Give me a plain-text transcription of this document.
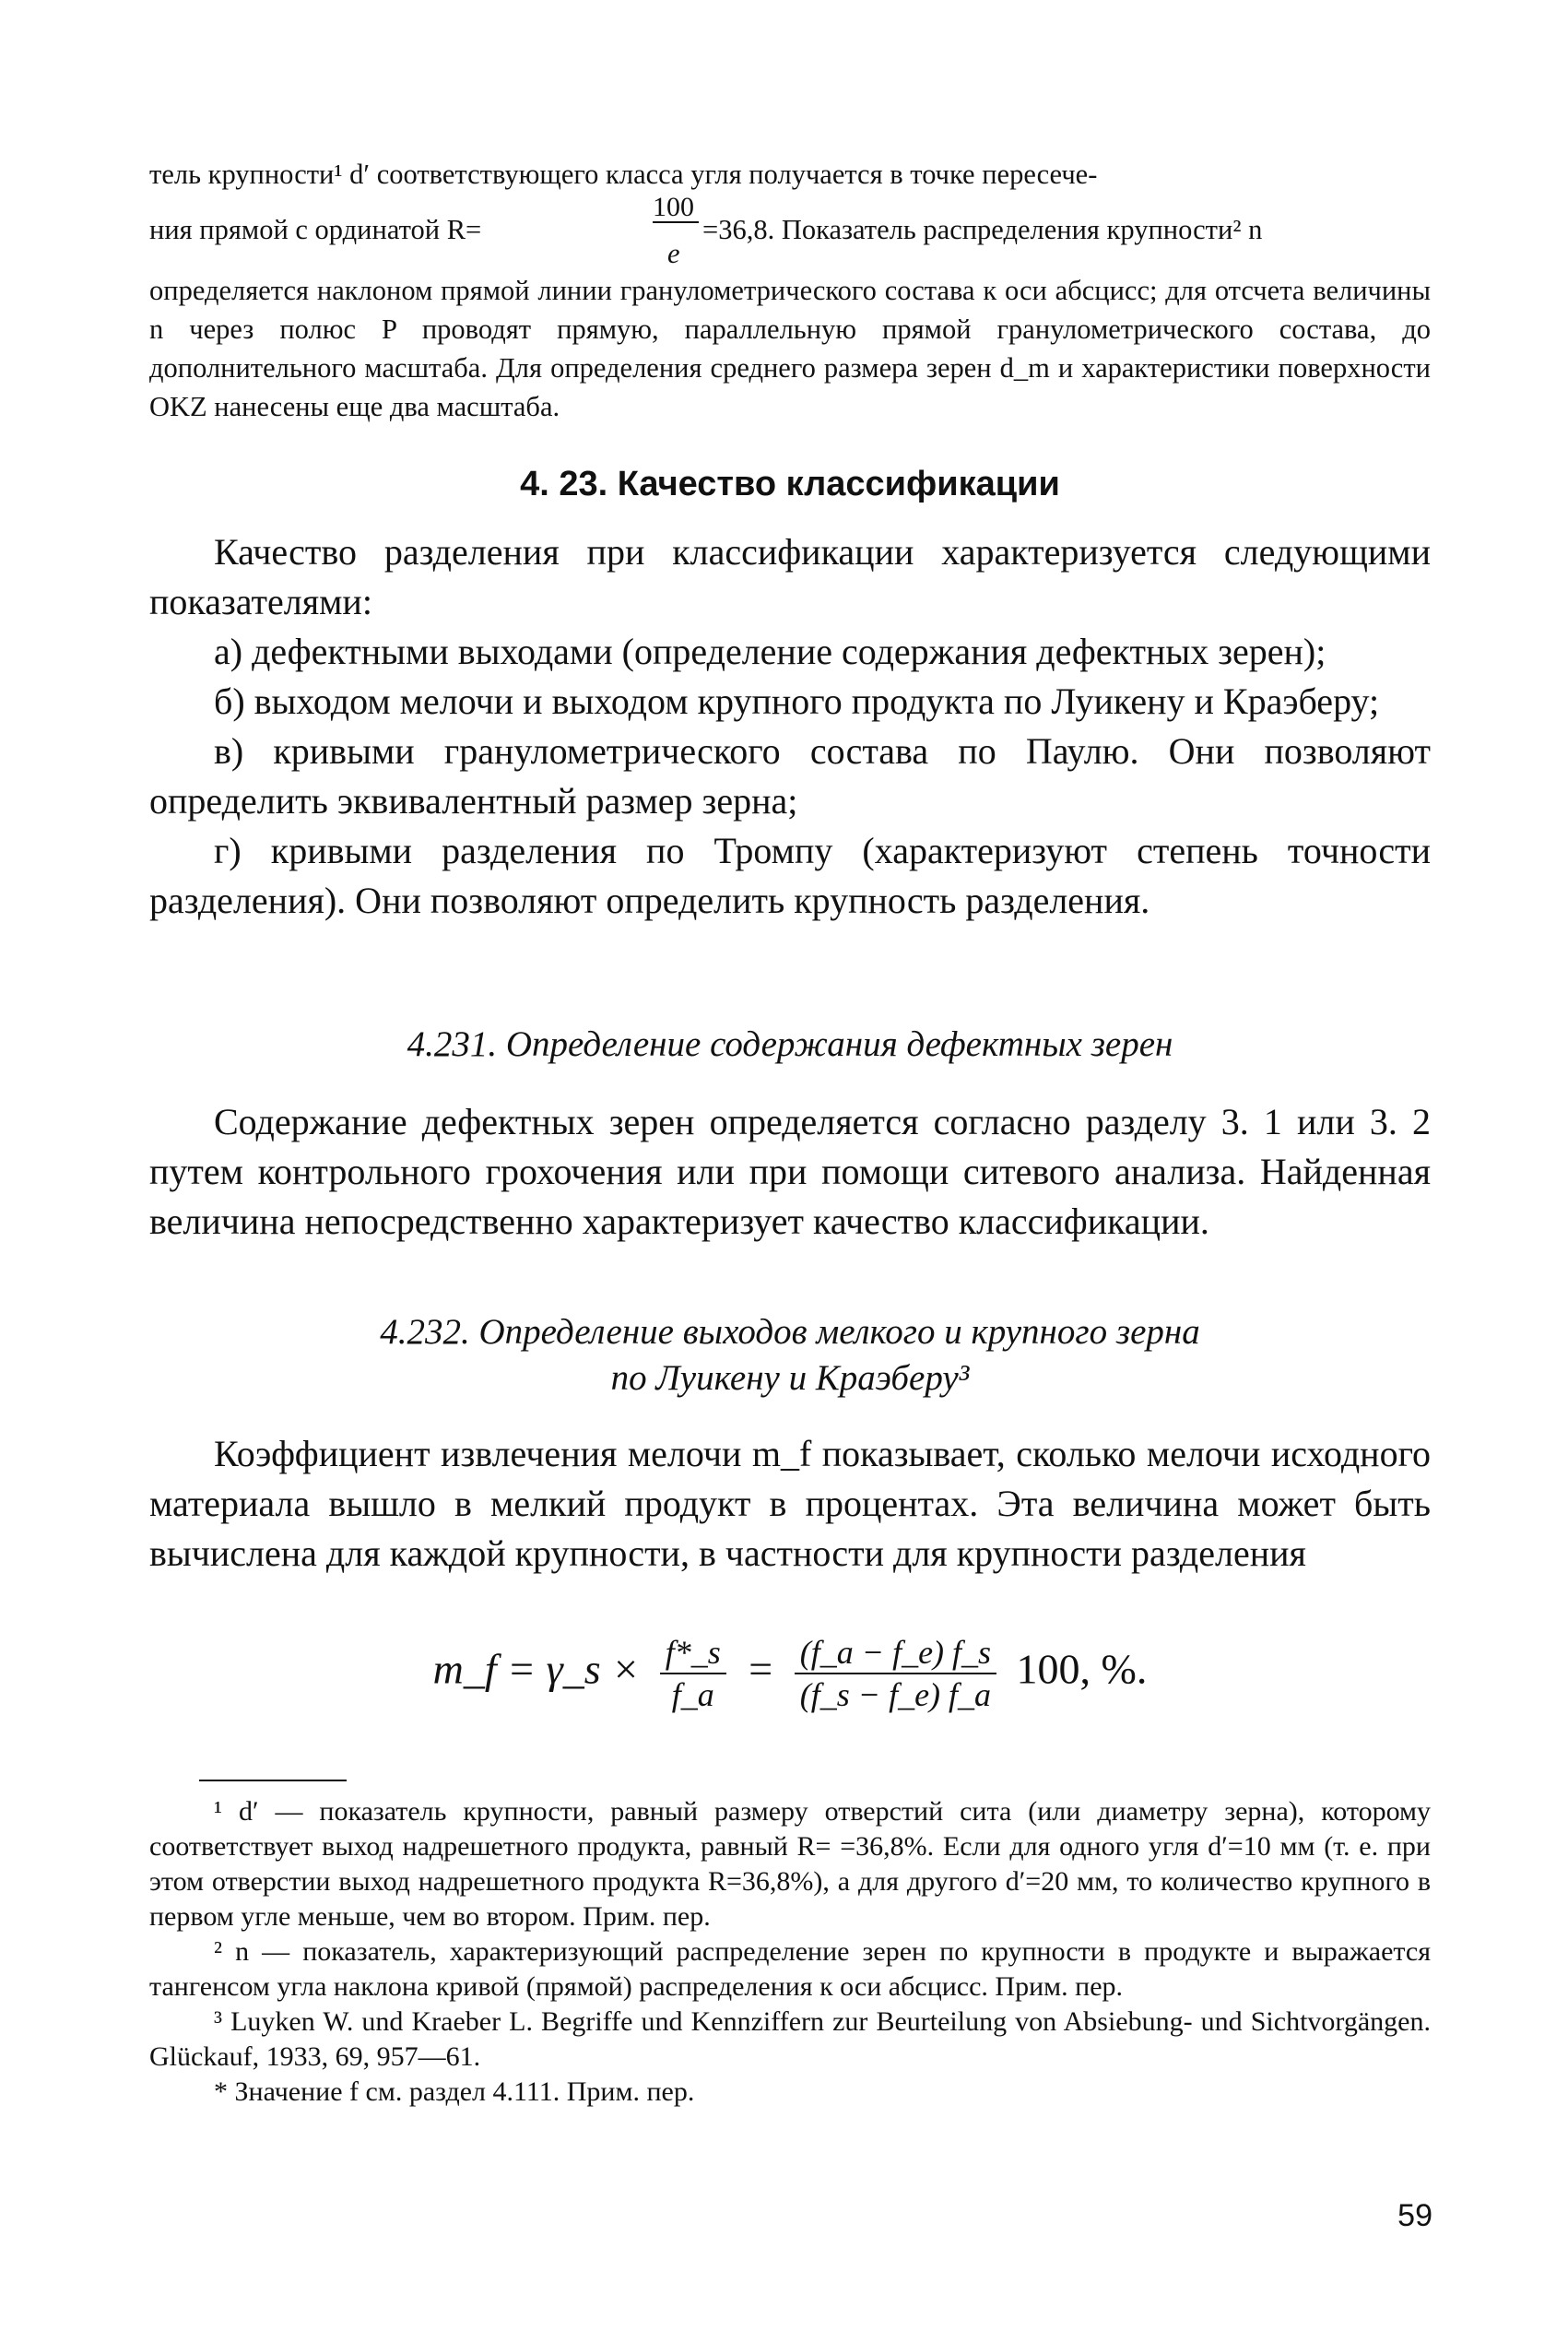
тель крупности¹ d′ соответствующего класса угля получается в точке пересече-

100
ния прямой с ординатой R=	=36,8. Показатель распределения крупности² n
e

определяется наклоном прямой линии гранулометрического состава к оси абсцисс; для отсчета величины n через полюс P проводят прямую, параллельную прямой гранулометрического состава, до дополнительного масштаба. Для определения среднего размера зерен d_m и характеристики поверхности OKZ нанесены еще два масштаба.

4. 23. Качество классификации

Качество разделения при классификации характеризуется следующими показателями:

а) дефектными выходами (определение содержания дефектных зерен);

б) выходом мелочи и выходом крупного продукта по Луикену и Краэберу;

в) кривыми гранулометрического состава по Паулю. Они позволяют определить эквивалентный размер зерна;

г) кривыми разделения по Тромпу (характеризуют степень точности разделения). Они позволяют определить крупность разделения.

4.231. Определение содержания дефектных зерен

Содержание дефектных зерен определяется согласно разделу 3. 1 или 3. 2 путем контрольного грохочения или при помощи ситевого анализа. Найденная величина непосредственно характеризует качество классификации.

4.232. Определение выходов мелкого и крупного зерна
по Луикену и Краэберу³

Коэффициент извлечения мелочи m_f показывает, сколько мелочи исходного материала вышло в мелкий продукт в процентах. Эта величина может быть вычислена для каждой крупности, в частности для крупности разделения

m_f = γ_s × $\frac{f*\_s}{f\_a} = \frac{(f\_a - f\_e) f\_s}{(f\_s - f\_e) f\_a} 100$, %.

¹ d′ — показатель крупности, равный размеру отверстий сита (или диаметру зерна), которому соответствует выход надрешетного продукта, равный R= =36,8%. Если для одного угля d′=10 мм (т. е. при этом отверстии выход надрешетного продукта R=36,8%), а для другого d′=20 мм, то количество крупного в первом угле меньше, чем во втором. Прим. пер.

² n — показатель, характеризующий распределение зерен по крупности в продукте и выражается тангенсом угла наклона кривой (прямой) распределения к оси абсцисс. Прим. пер.

³ Luyken W. und Kraeber L. Begriffe und Kennziffern zur Beurteilung von Absiebung- und Sichtvorgängen. Glückauf, 1933, 69, 957—61.

* Значение f см. раздел 4.111. Прим. пер.

59
